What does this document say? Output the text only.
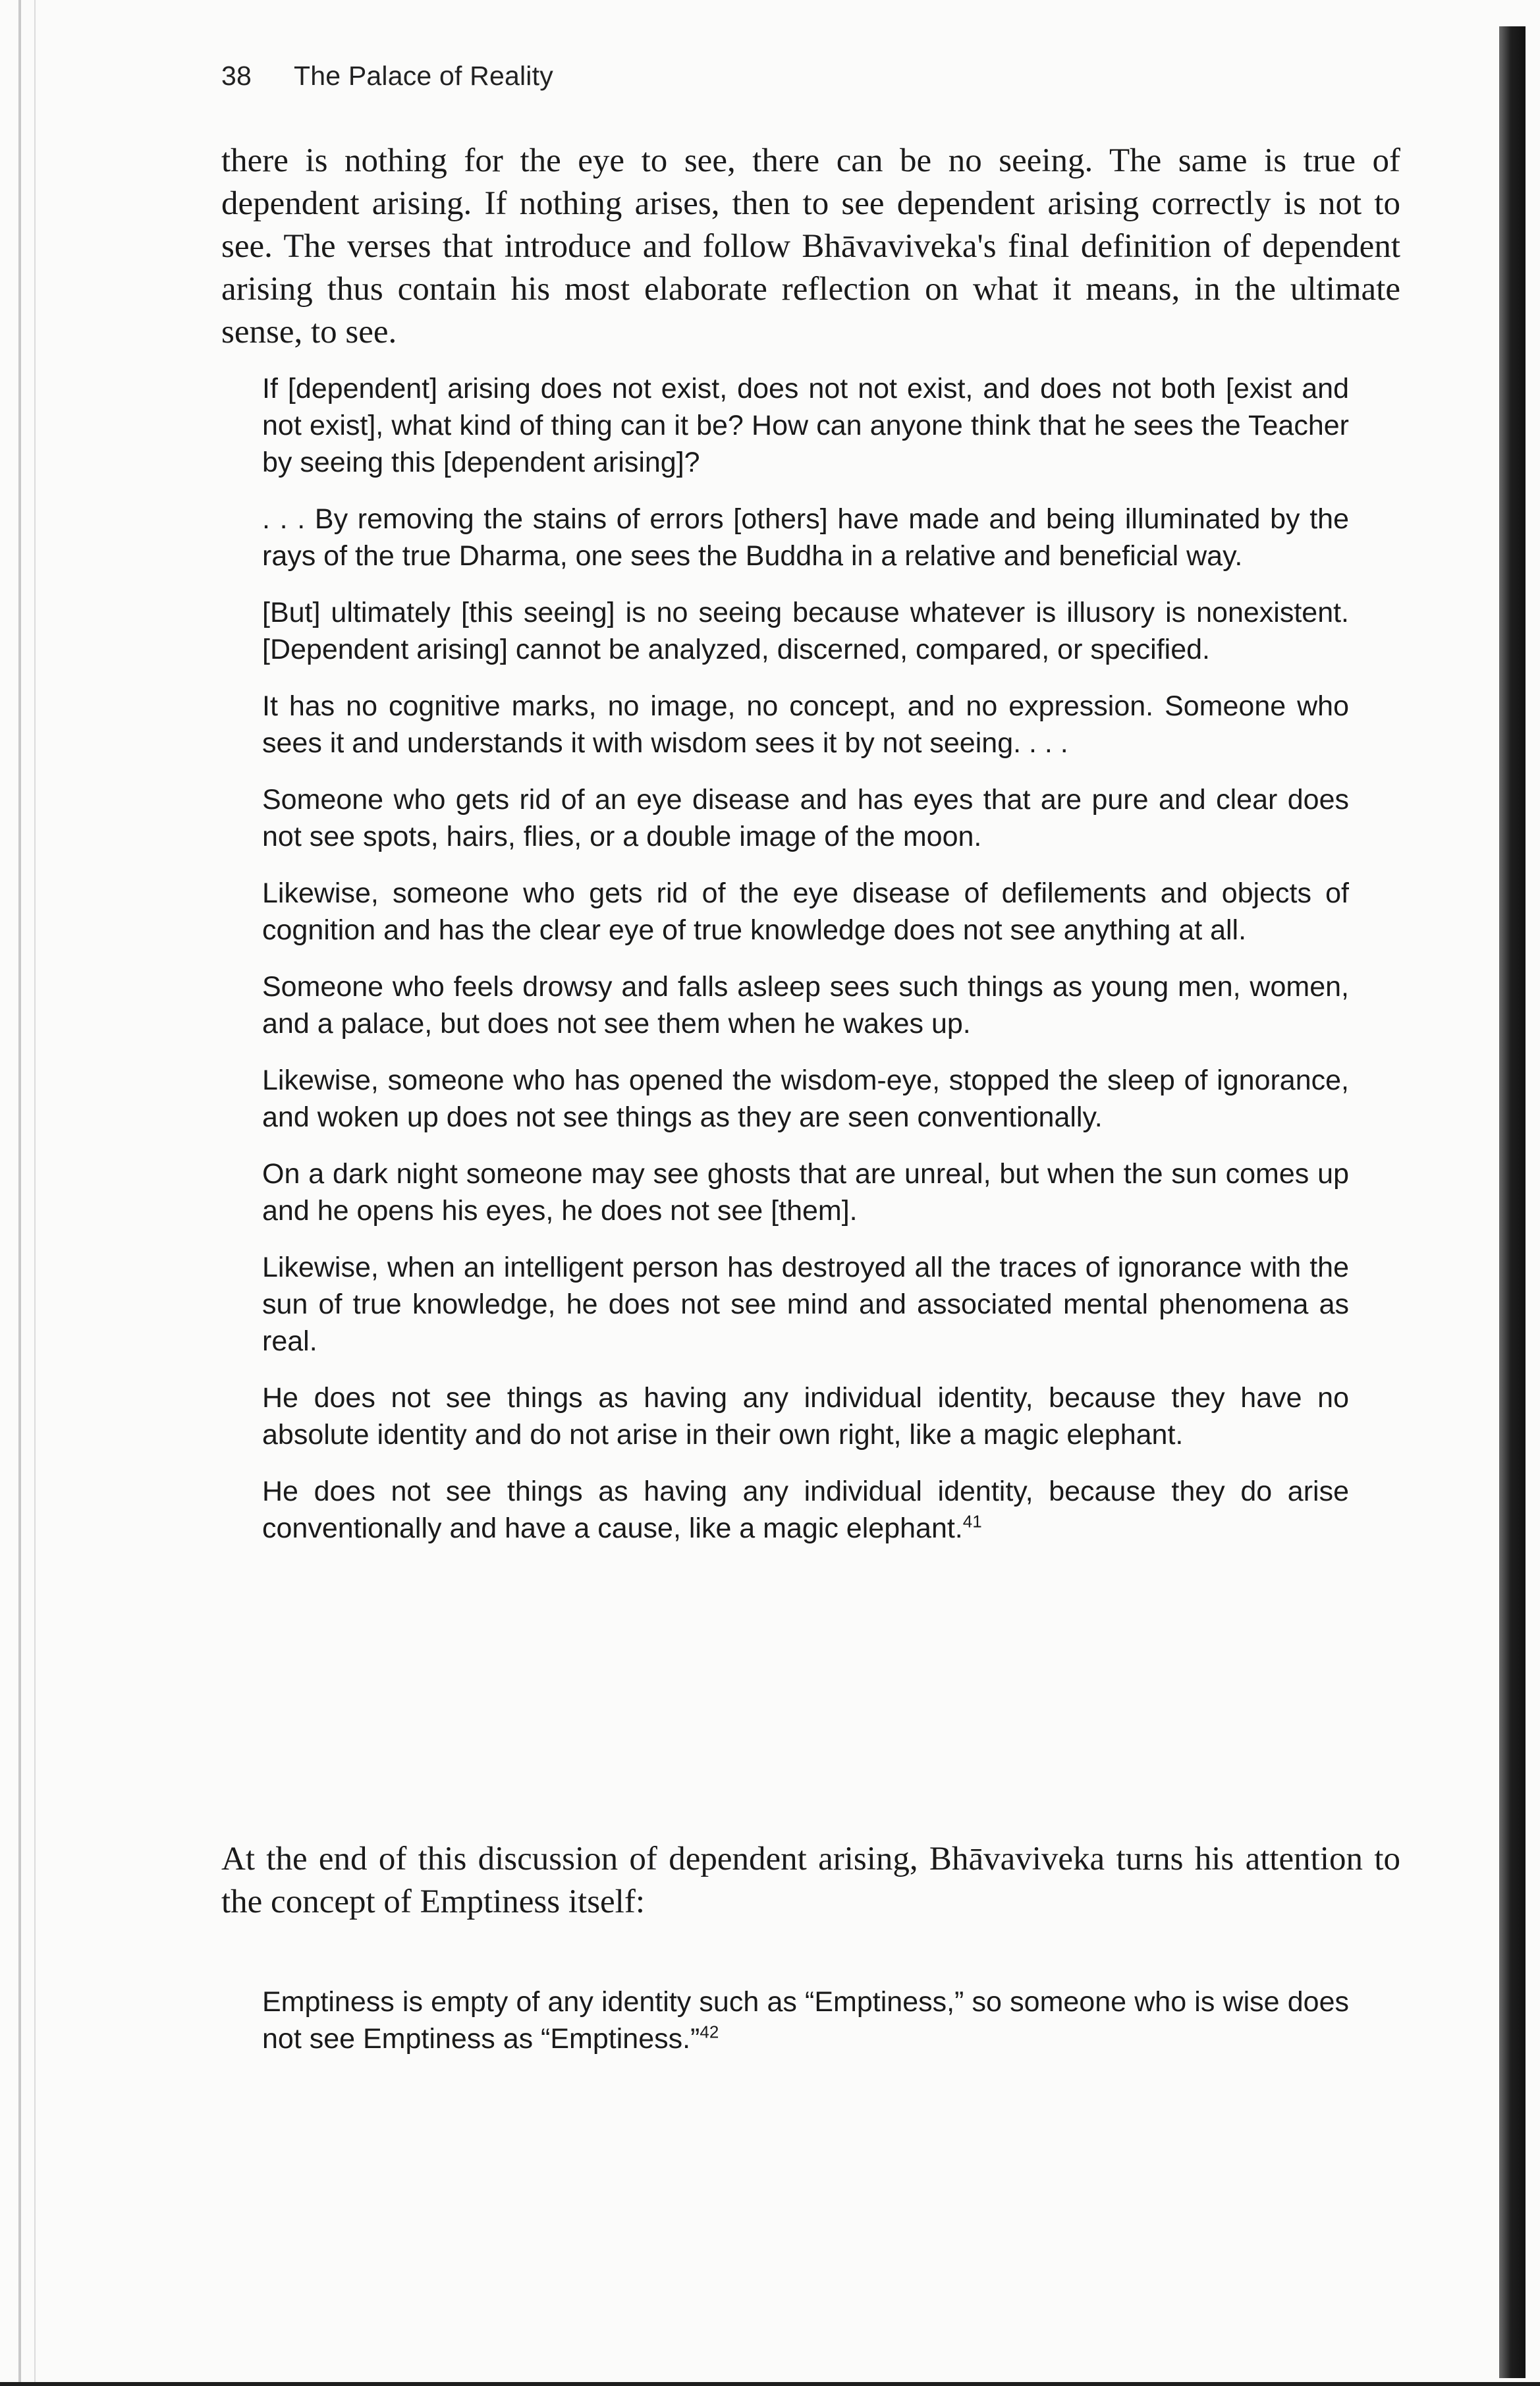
38 The Palace of Reality

there is nothing for the eye to see, there can be no seeing. The same is true of dependent arising. If nothing arises, then to see dependent arising correctly is not to see. The verses that introduce and follow Bhāvaviveka's final definition of dependent arising thus contain his most elaborate reflection on what it means, in the ultimate sense, to see.

If [dependent] arising does not exist, does not not exist, and does not both [exist and not exist], what kind of thing can it be? How can anyone think that he sees the Teacher by seeing this [dependent arising]?

. . . By removing the stains of errors [others] have made and being illuminated by the rays of the true Dharma, one sees the Buddha in a relative and beneficial way.

[But] ultimately [this seeing] is no seeing because whatever is illusory is nonexistent. [Dependent arising] cannot be analyzed, discerned, compared, or specified.

It has no cognitive marks, no image, no concept, and no expression. Someone who sees it and understands it with wisdom sees it by not seeing. . . .

Someone who gets rid of an eye disease and has eyes that are pure and clear does not see spots, hairs, flies, or a double image of the moon.

Likewise, someone who gets rid of the eye disease of defilements and objects of cognition and has the clear eye of true knowledge does not see anything at all.

Someone who feels drowsy and falls asleep sees such things as young men, women, and a palace, but does not see them when he wakes up.

Likewise, someone who has opened the wisdom-eye, stopped the sleep of ignorance, and woken up does not see things as they are seen conventionally.

On a dark night someone may see ghosts that are unreal, but when the sun comes up and he opens his eyes, he does not see [them].

Likewise, when an intelligent person has destroyed all the traces of ignorance with the sun of true knowledge, he does not see mind and associated mental phenomena as real.

He does not see things as having any individual identity, because they have no absolute identity and do not arise in their own right, like a magic elephant.

He does not see things as having any individual identity, because they do arise conventionally and have a cause, like a magic elephant.$^{41}$

At the end of this discussion of dependent arising, Bhāvaviveka turns his attention to the concept of Emptiness itself:

Emptiness is empty of any identity such as “Emptiness,” so someone who is wise does not see Emptiness as “Emptiness.”$^{42}$
